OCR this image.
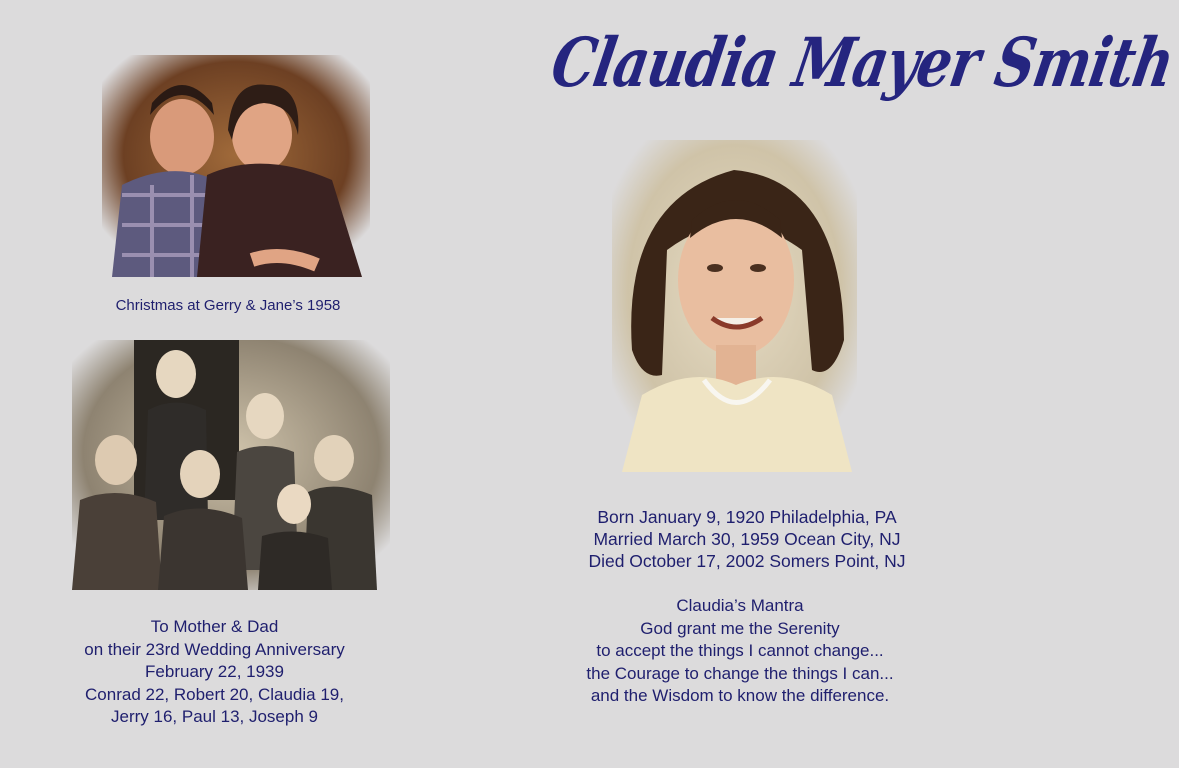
Claudia Mayer Smith
Christmas at Gerry & Jane’s 1958
To Mother & Dad
on their 23rd Wedding Anniversary
February 22, 1939
Conrad 22, Robert 20, Claudia 19,
Jerry 16, Paul 13, Joseph 9
Born January 9, 1920 Philadelphia, PA
Married March 30, 1959 Ocean City, NJ
Died October 17, 2002 Somers Point, NJ
Claudia’s Mantra
God grant me the Serenity
to accept the things I cannot change...
the Courage to change the things I can...
and the Wisdom to know the difference.
